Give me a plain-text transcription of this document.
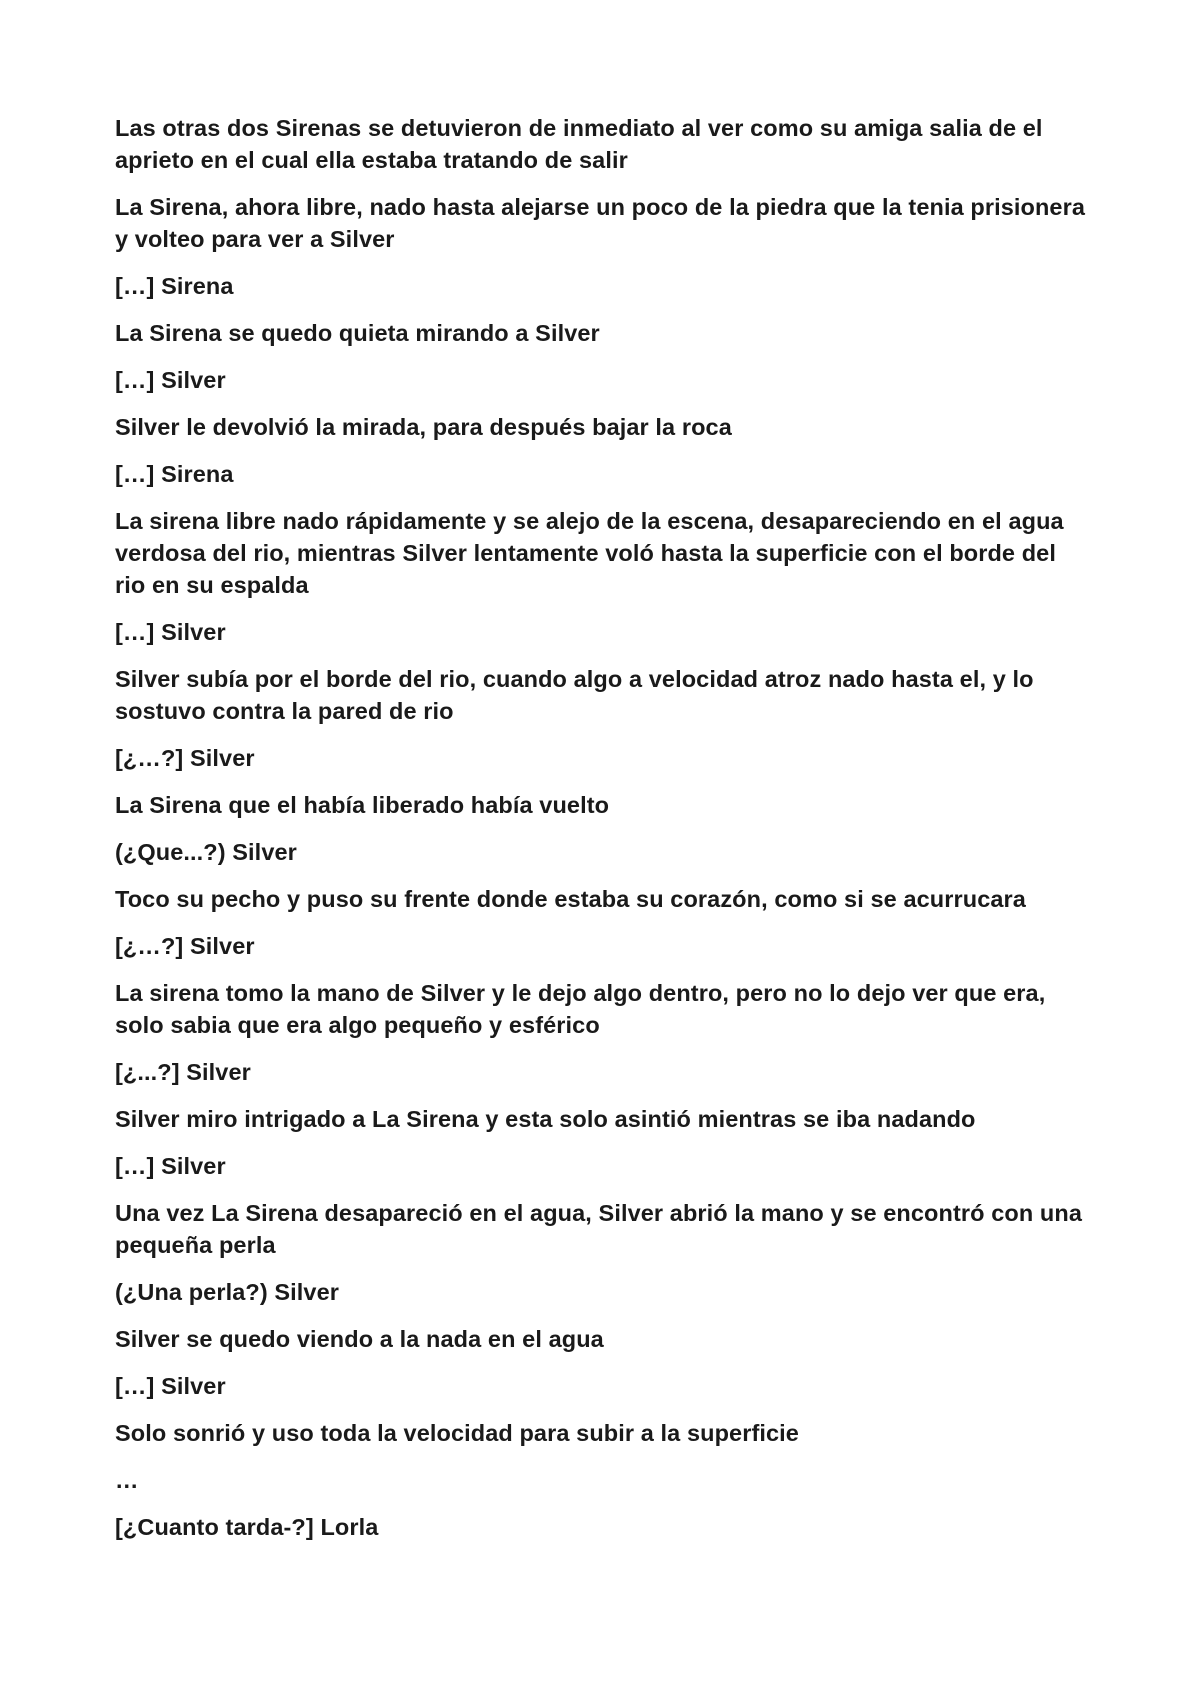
Las otras dos Sirenas se detuvieron de inmediato al ver como su amiga salia de el aprieto en el cual ella estaba tratando de salir

La Sirena, ahora libre, nado hasta alejarse un poco de la piedra que la tenia prisionera y volteo para ver a Silver

[…] Sirena

La Sirena se quedo quieta mirando a Silver

[…] Silver

Silver le devolvió la mirada, para después bajar la roca

[…] Sirena

La sirena libre nado rápidamente y se alejo de la escena, desapareciendo en el agua verdosa del rio, mientras Silver lentamente voló hasta la superficie con el borde del rio en su espalda

[…] Silver

Silver subía por el borde del rio, cuando algo a velocidad atroz nado hasta el, y lo sostuvo contra la pared de rio

[¿…?] Silver

La Sirena que el había liberado había vuelto

(¿Que...?) Silver

Toco su pecho y puso su frente donde estaba su corazón, como si se acurrucara

[¿…?] Silver

La sirena tomo la mano de Silver y le dejo algo dentro, pero no lo dejo ver que era, solo sabia que era algo pequeño y esférico

[¿...?] Silver

Silver miro intrigado a La Sirena y esta solo asintió mientras se iba nadando

[…] Silver

Una vez La Sirena desapareció en el agua, Silver abrió la mano y se encontró con una pequeña perla

(¿Una perla?) Silver

Silver se quedo viendo a la nada en el agua

[…] Silver

Solo sonrió y uso toda la velocidad para subir a la superficie

…

[¿Cuanto tarda-?] Lorla
